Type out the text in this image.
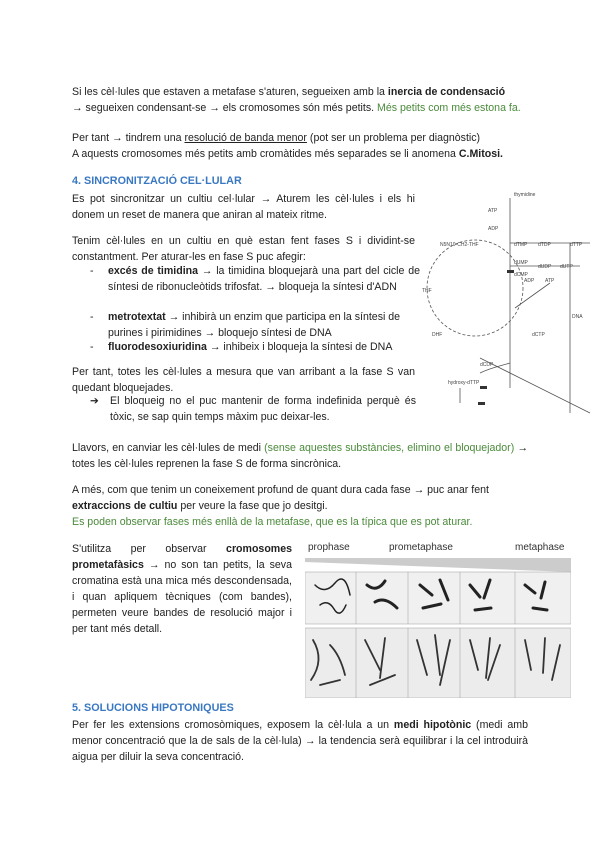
Si les cèl·lules que estaven a metafase s'aturen, segueixen amb la inercia de condensació
→ segueixen condensant-se → els cromosomes són més petits. Més petits com més estona fa.
Per tant → tindrem una resolució de banda menor (pot ser un problema per diagnòstic)
A aquests cromosomes més petits amb cromàtides més separades se li anomena C.Mitosi.
4. SINCRONITZACIÓ CEL·LULAR
Es pot sincronitzar un cultiu cel·lular → Aturem les cèl·lules i els hi donem un reset de manera que aniran al mateix ritme.
Tenim cèl·lules en un cultiu en què estan fent fases S i dividint-se constantment. Per aturar-les en fase S puc afegir:
- excés de timidina → la timidina bloquejarà una part del cicle de síntesi de ribonucleòtids trifosfat. → bloqueja la síntesi d'ADN
- metrotextat → inhibirà un enzim que participa en la síntesi de purines i pirimidines → bloquejo síntesi de DNA
- fluorodesoxiuridina → inhibeix i bloqueja la síntesi de DNA
Per tant, totes les cèl·lules a mesura que van arribant a la fase S van quedant bloquejades.
➔ El bloqueig no el puc mantenir de forma indefinida perquè és tòxic, se sap quin temps màxim puc deixar-les.
thymidine
ATP
ADP
dTMP dTDP	dTTP
dUMP
dCMP
dUDP dUTP
ADP ATP
DHF
THF
dCTP
dCDP
hydroxy-dTTP
DNA
N5N10-CH2-THF
Llavors, en canviar les cèl·lules de medi (sense aquestes substàncies, elimino el bloquejador) → totes les cèl·lules reprenen la fase S de forma sincrònica.
A més, com que tenim un coneixement profund de quant dura cada fase → puc anar fent extraccions de cultiu per veure la fase que jo desitgi.
Es poden observar fases més enllà de la metafase, que es la típica que es pot aturar.
S'utilitza per observar cromosomes prometafàsics → no son tan petits, la seva cromatina està una mica més descondensada, i quan apliquem tècniques (com bandes), permeten veure bandes de resolució major i per tant més detall.
prophase	prometaphase	metaphase
5. SOLUCIONS HIPOTONIQUES
Per fer les extensions cromosòmiques, exposem la cèl·lula a un medi hipotònic (medi amb menor concentració que la de sals de la cèl·lula) → la tendencia serà equilibrar i la cel introduirà aigua per diluir la seva concentració.
